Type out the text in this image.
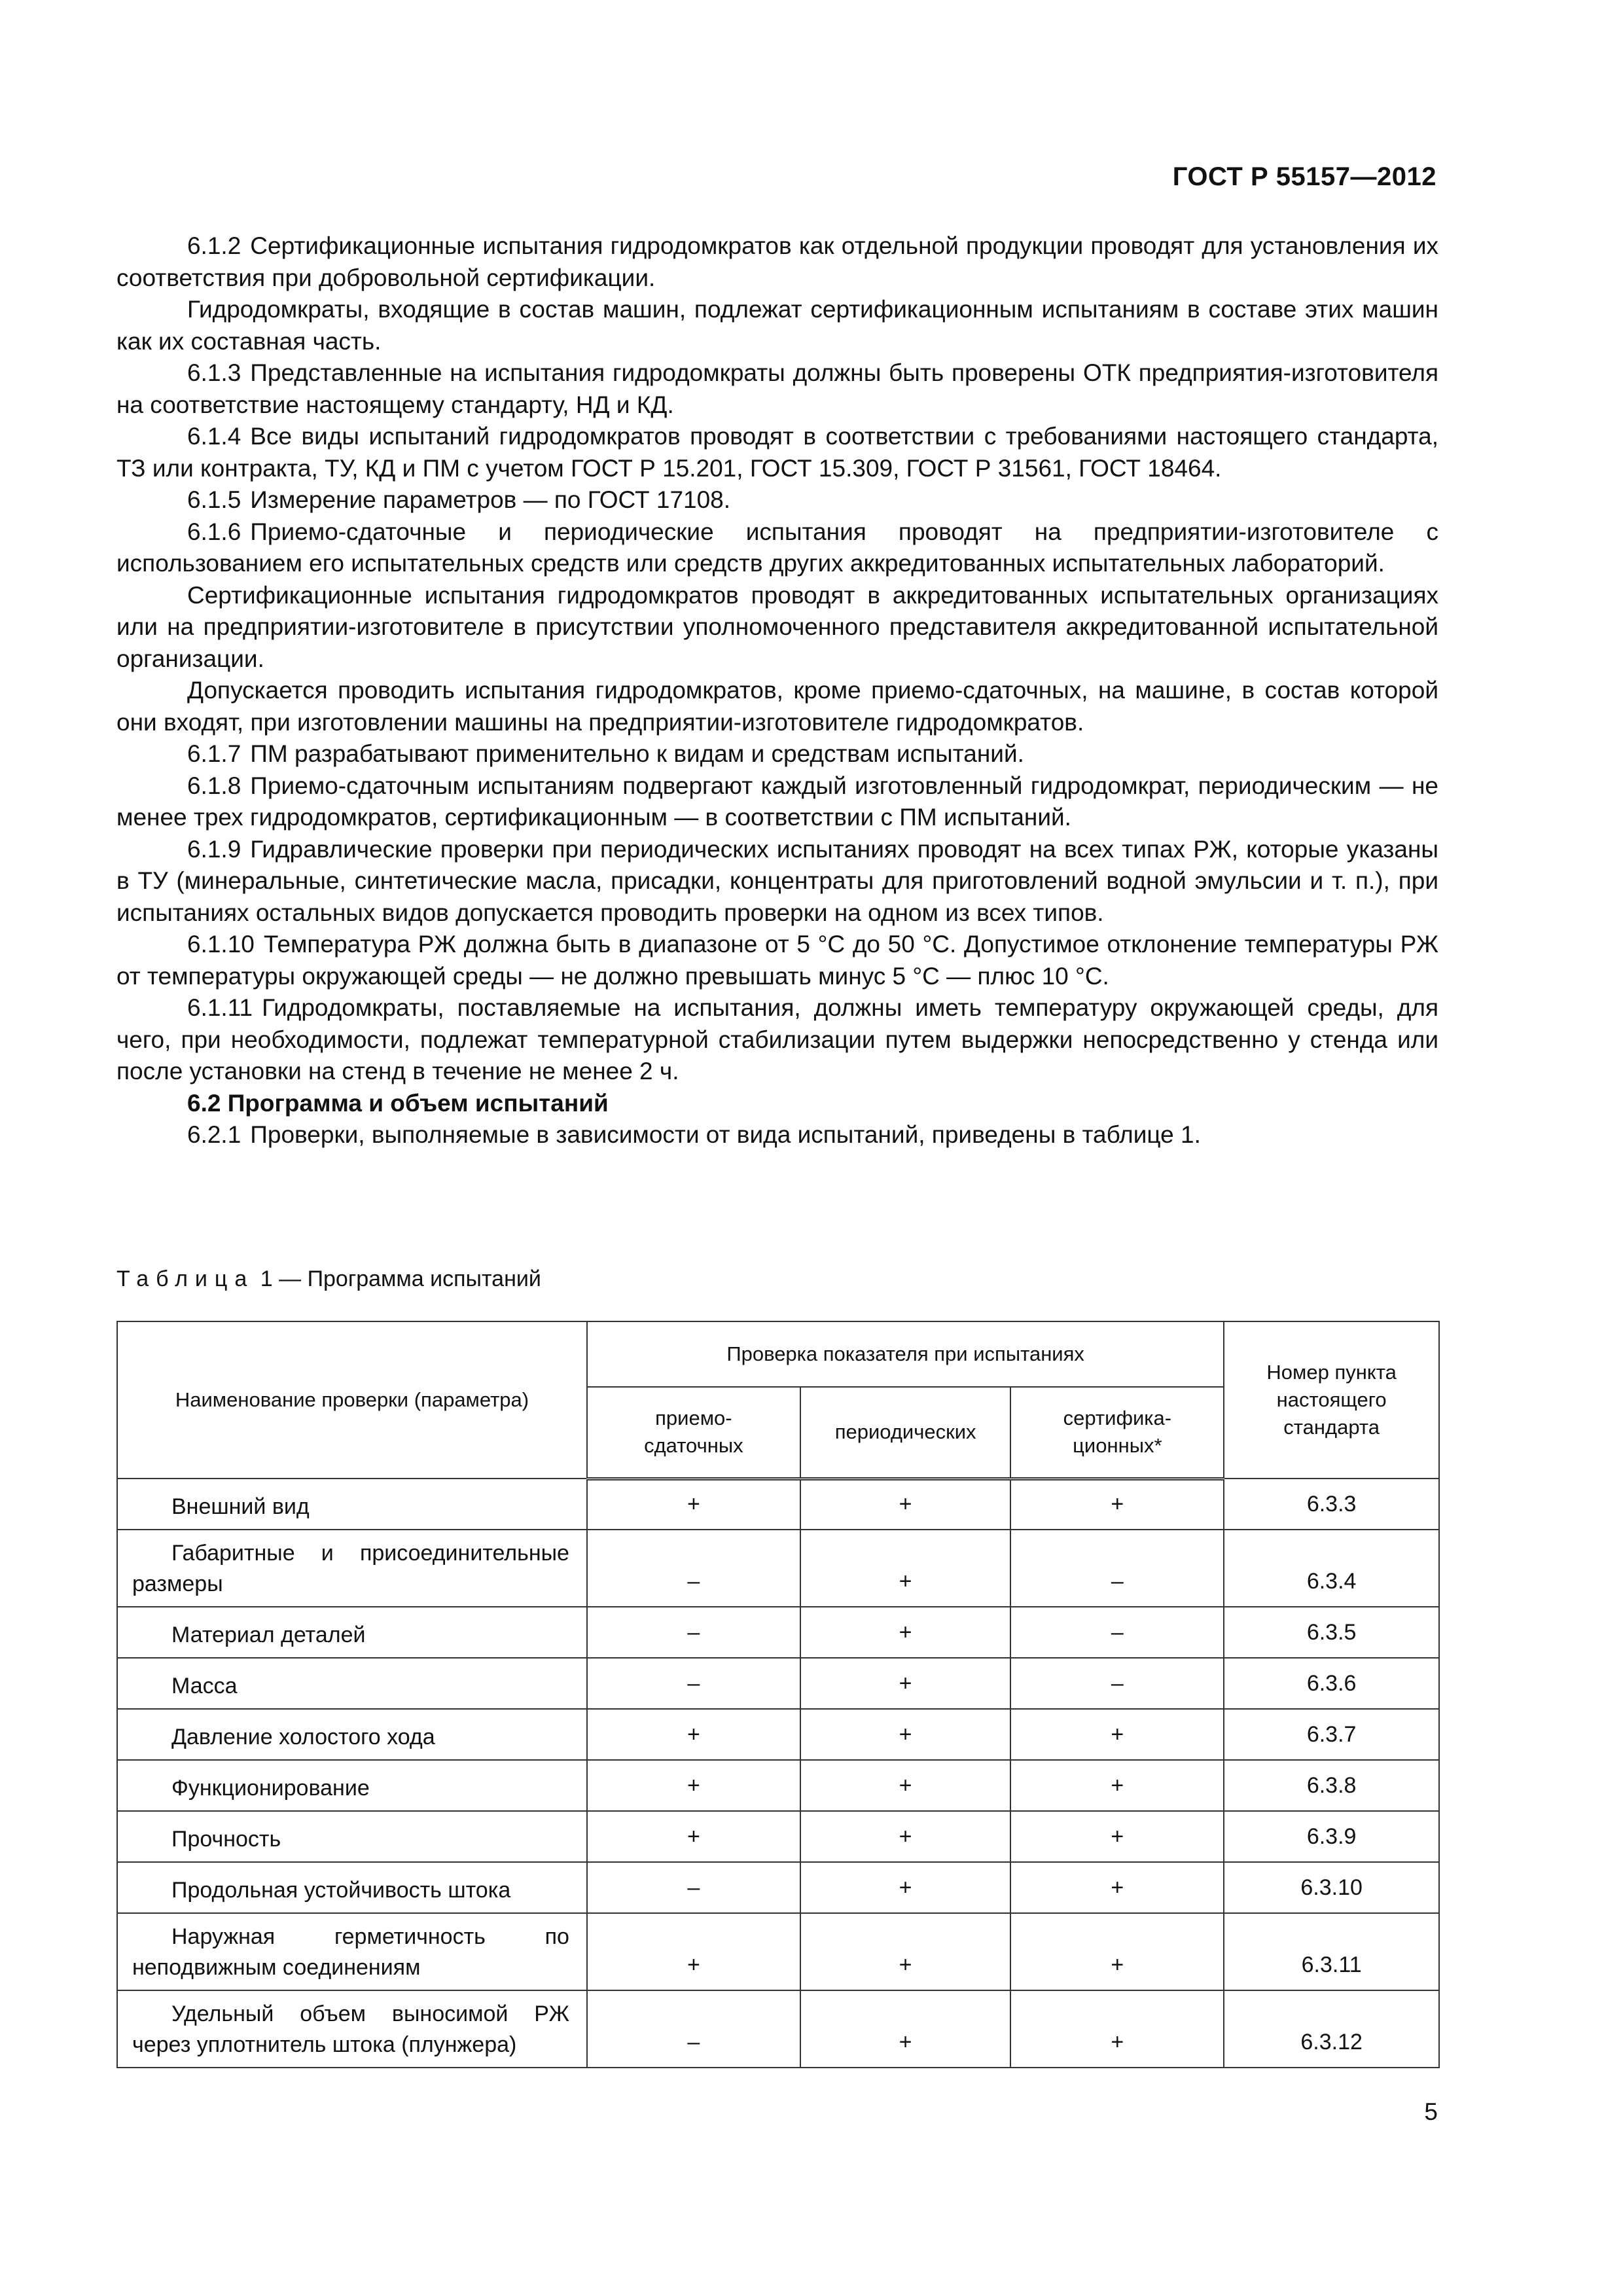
ГОСТ Р 55157—2012

6.1.2 Сертификационные испытания гидродомкратов как отдельной продукции проводят для установления их соответствия при добровольной сертификации.

Гидродомкраты, входящие в состав машин, подлежат сертификационным испытаниям в составе этих машин как их составная часть.

6.1.3 Представленные на испытания гидродомкраты должны быть проверены ОТК предприятия-изготовителя на соответствие настоящему стандарту, НД и КД.

6.1.4 Все виды испытаний гидродомкратов проводят в соответствии с требованиями настоящего стандарта, ТЗ или контракта, ТУ, КД и ПМ с учетом ГОСТ Р 15.201, ГОСТ 15.309, ГОСТ Р 31561, ГОСТ 18464.

6.1.5 Измерение параметров — по ГОСТ 17108.

6.1.6 Приемо-сдаточные и периодические испытания проводят на предприятии-изготовителе с использованием его испытательных средств или средств других аккредитованных испытательных лабораторий.

Сертификационные испытания гидродомкратов проводят в аккредитованных испытательных организациях или на предприятии-изготовителе в присутствии уполномоченного представителя аккредитованной испытательной организации.

Допускается проводить испытания гидродомкратов, кроме приемо-сдаточных, на машине, в состав которой они входят, при изготовлении машины на предприятии-изготовителе гидродомкратов.

6.1.7 ПМ разрабатывают применительно к видам и средствам испытаний.

6.1.8 Приемо-сдаточным испытаниям подвергают каждый изготовленный гидродомкрат, периодическим — не менее трех гидродомкратов, сертификационным — в соответствии с ПМ испытаний.

6.1.9 Гидравлические проверки при периодических испытаниях проводят на всех типах РЖ, которые указаны в ТУ (минеральные, синтетические масла, присадки, концентраты для приготовлений водной эмульсии и т. п.), при испытаниях остальных видов допускается проводить проверки на одном из всех типов.

6.1.10 Температура РЖ должна быть в диапазоне от 5 °С до 50 °С. Допустимое отклонение температуры РЖ от температуры окружающей среды — не должно превышать минус 5 °С — плюс 10 °С.

6.1.11 Гидродомкраты, поставляемые на испытания, должны иметь температуру окружающей среды, для чего, при необходимости, подлежат температурной стабилизации путем выдержки непосредственно у стенда или после установки на стенд в течение не менее 2 ч.

6.2 Программа и объем испытаний

6.2.1 Проверки, выполняемые в зависимости от вида испытаний, приведены в таблице 1.

Таблица 1 — Программа испытаний
Наименование проверки (параметра)	Проверка показателя при испытаниях			Номер пункта настоящего стандарта
	приемо-сдаточных	периодических	сертифика-ционных*	

Внешний вид	+	+	+	6.3.3

Габаритные и присоединительные размеры	–	+	–	6.3.4

Материал деталей	–	+	–	6.3.5

Масса	–	+	–	6.3.6

Давление холостого хода	+	+	+	6.3.7

Функционирование	+	+	+	6.3.8

Прочность	+	+	+	6.3.9

Продольная устойчивость штока	–	+	+	6.3.10

Наружная герметичность по неподвижным соединениям	+	+	+	6.3.11

Удельный объем выносимой РЖ через уплотнитель штока (плунжера)	–	+	+	6.3.12
5
